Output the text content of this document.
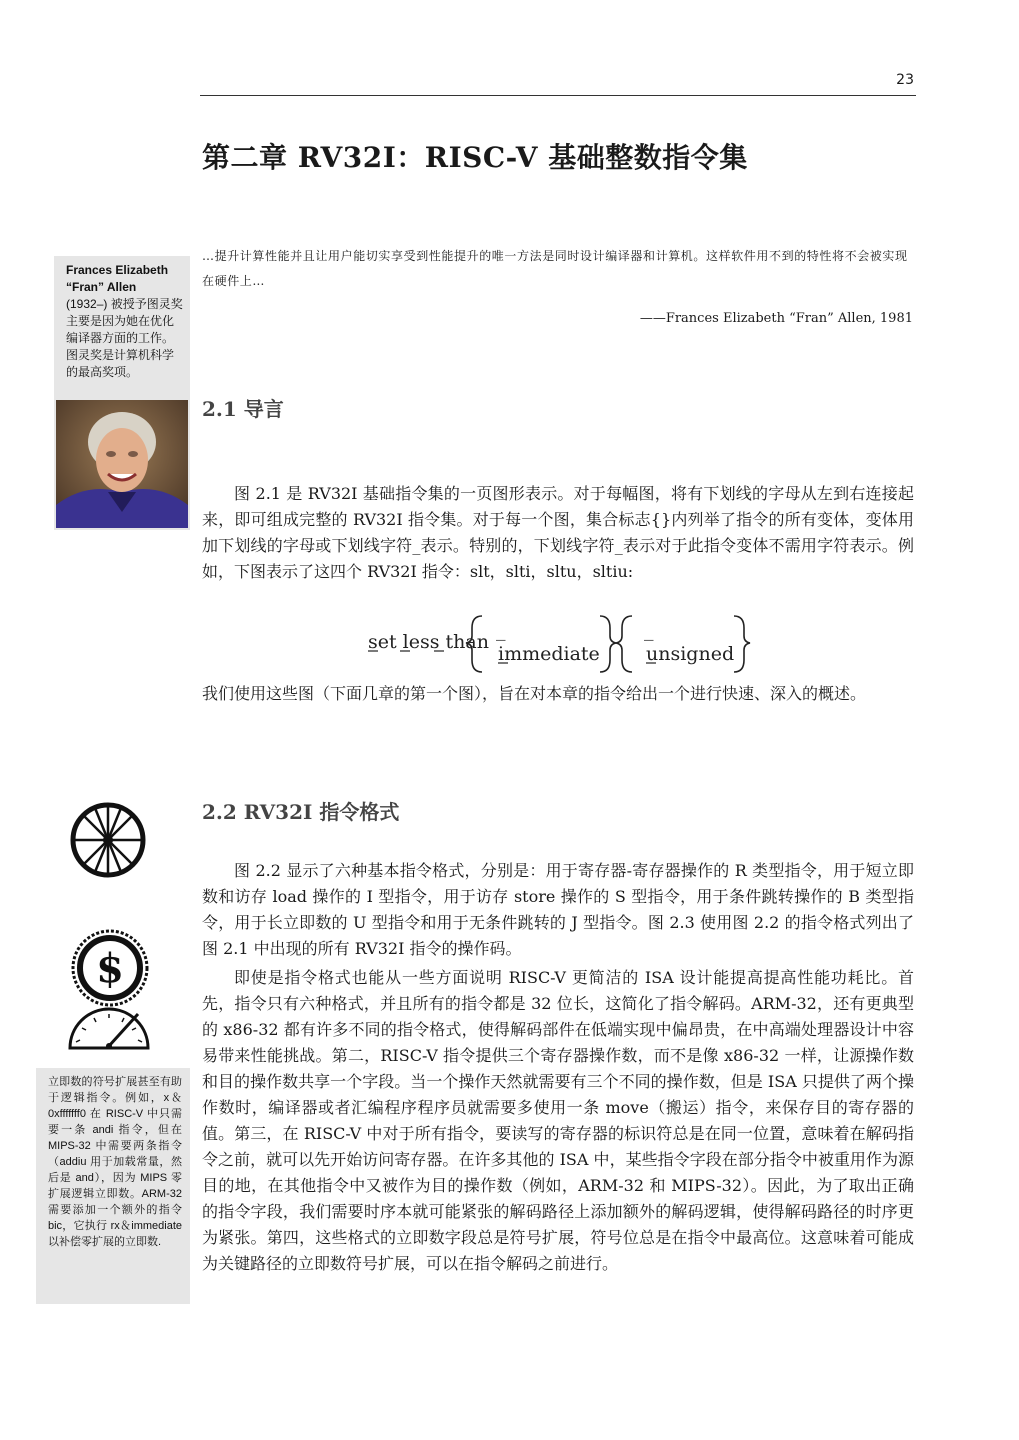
23
第二章 RV32I：RISC-V 基础整数指令集
Frances Elizabeth “Fran” Allen
(1932–) 被授予图灵奖主要是因为她在优化编译器方面的工作。图灵奖是计算机科学的最高奖项。
…提升计算性能并且让用户能切实享受到性能提升的唯一方法是同时设计编译器和计算机。这样软件用不到的特性将不会被实现在硬件上…
——Frances Elizabeth “Fran” Allen, 1981
2.1 导言
图 2.1 是 RV32I 基础指令集的一页图形表示。对于每幅图，将有下划线的字母从左到右连接起来，即可组成完整的 RV32I 指令集。对于每一个图，集合标志{}内列举了指令的所有变体，变体用加下划线的字母或下划线字符_表示。特别的，下划线字符_表示对于此指令变体不需用字符表示。例如，下图表示了这四个 RV32I 指令：slt，slti，sltu，sltiu:
set less than
_
immediate
_
unsigned
我们使用这些图（下面几章的第一个图），旨在对本章的指令给出一个进行快速、深入的概述。
2.2 RV32I 指令格式
图 2.2 显示了六种基本指令格式，分别是：用于寄存器-寄存器操作的 R 类型指令，用于短立即数和访存 load 操作的 I 型指令，用于访存 store 操作的 S 型指令，用于条件跳转操作的 B 类型指令，用于长立即数的 U 型指令和用于无条件跳转的 J 型指令。图 2.3 使用图 2.2 的指令格式列出了图 2.1 中出现的所有 RV32I 指令的操作码。
即使是指令格式也能从一些方面说明 RISC-V 更简洁的 ISA 设计能提高提高性能功耗比。首先，指令只有六种格式，并且所有的指令都是 32 位长，这简化了指令解码。ARM-32，还有更典型的 x86-32 都有许多不同的指令格式，使得解码部件在低端实现中偏昂贵，在中高端处理器设计中容易带来性能挑战。第二，RISC-V 指令提供三个寄存器操作数，而不是像 x86-32 一样，让源操作数和目的操作数共享一个字段。当一个操作天然就需要有三个不同的操作数，但是 ISA 只提供了两个操作数时，编译器或者汇编程序程序员就需要多使用一条 move（搬运）指令，来保存目的寄存器的值。第三，在 RISC-V 中对于所有指令，要读写的寄存器的标识符总是在同一位置，意味着在解码指令之前，就可以先开始访问寄存器。在许多其他的 ISA 中，某些指令字段在部分指令中被重用作为源目的地，在其他指令中又被作为目的操作数（例如，ARM-32 和 MIPS-32）。因此，为了取出正确的指令字段，我们需要时序本就可能紧张的解码路径上添加额外的解码逻辑，使得解码路径的时序更为紧张。第四，这些格式的立即数字段总是符号扩展，符号位总是在指令中最高位。这意味着可能成为关键路径的立即数符号扩展，可以在指令解码之前进行。
$
立即数的符号扩展甚至有助于逻辑指令。例如，x＆0xfffffff0 在 RISC-V 中只需要一条 andi 指令，但在 MIPS-32 中需要两条指令（addiu 用于加载常量，然后是 and），因为 MIPS 零扩展逻辑立即数。ARM-32 需要添加一个额外的指令 bic，它执行 rx＆immediate 以补偿零扩展的立即数.
